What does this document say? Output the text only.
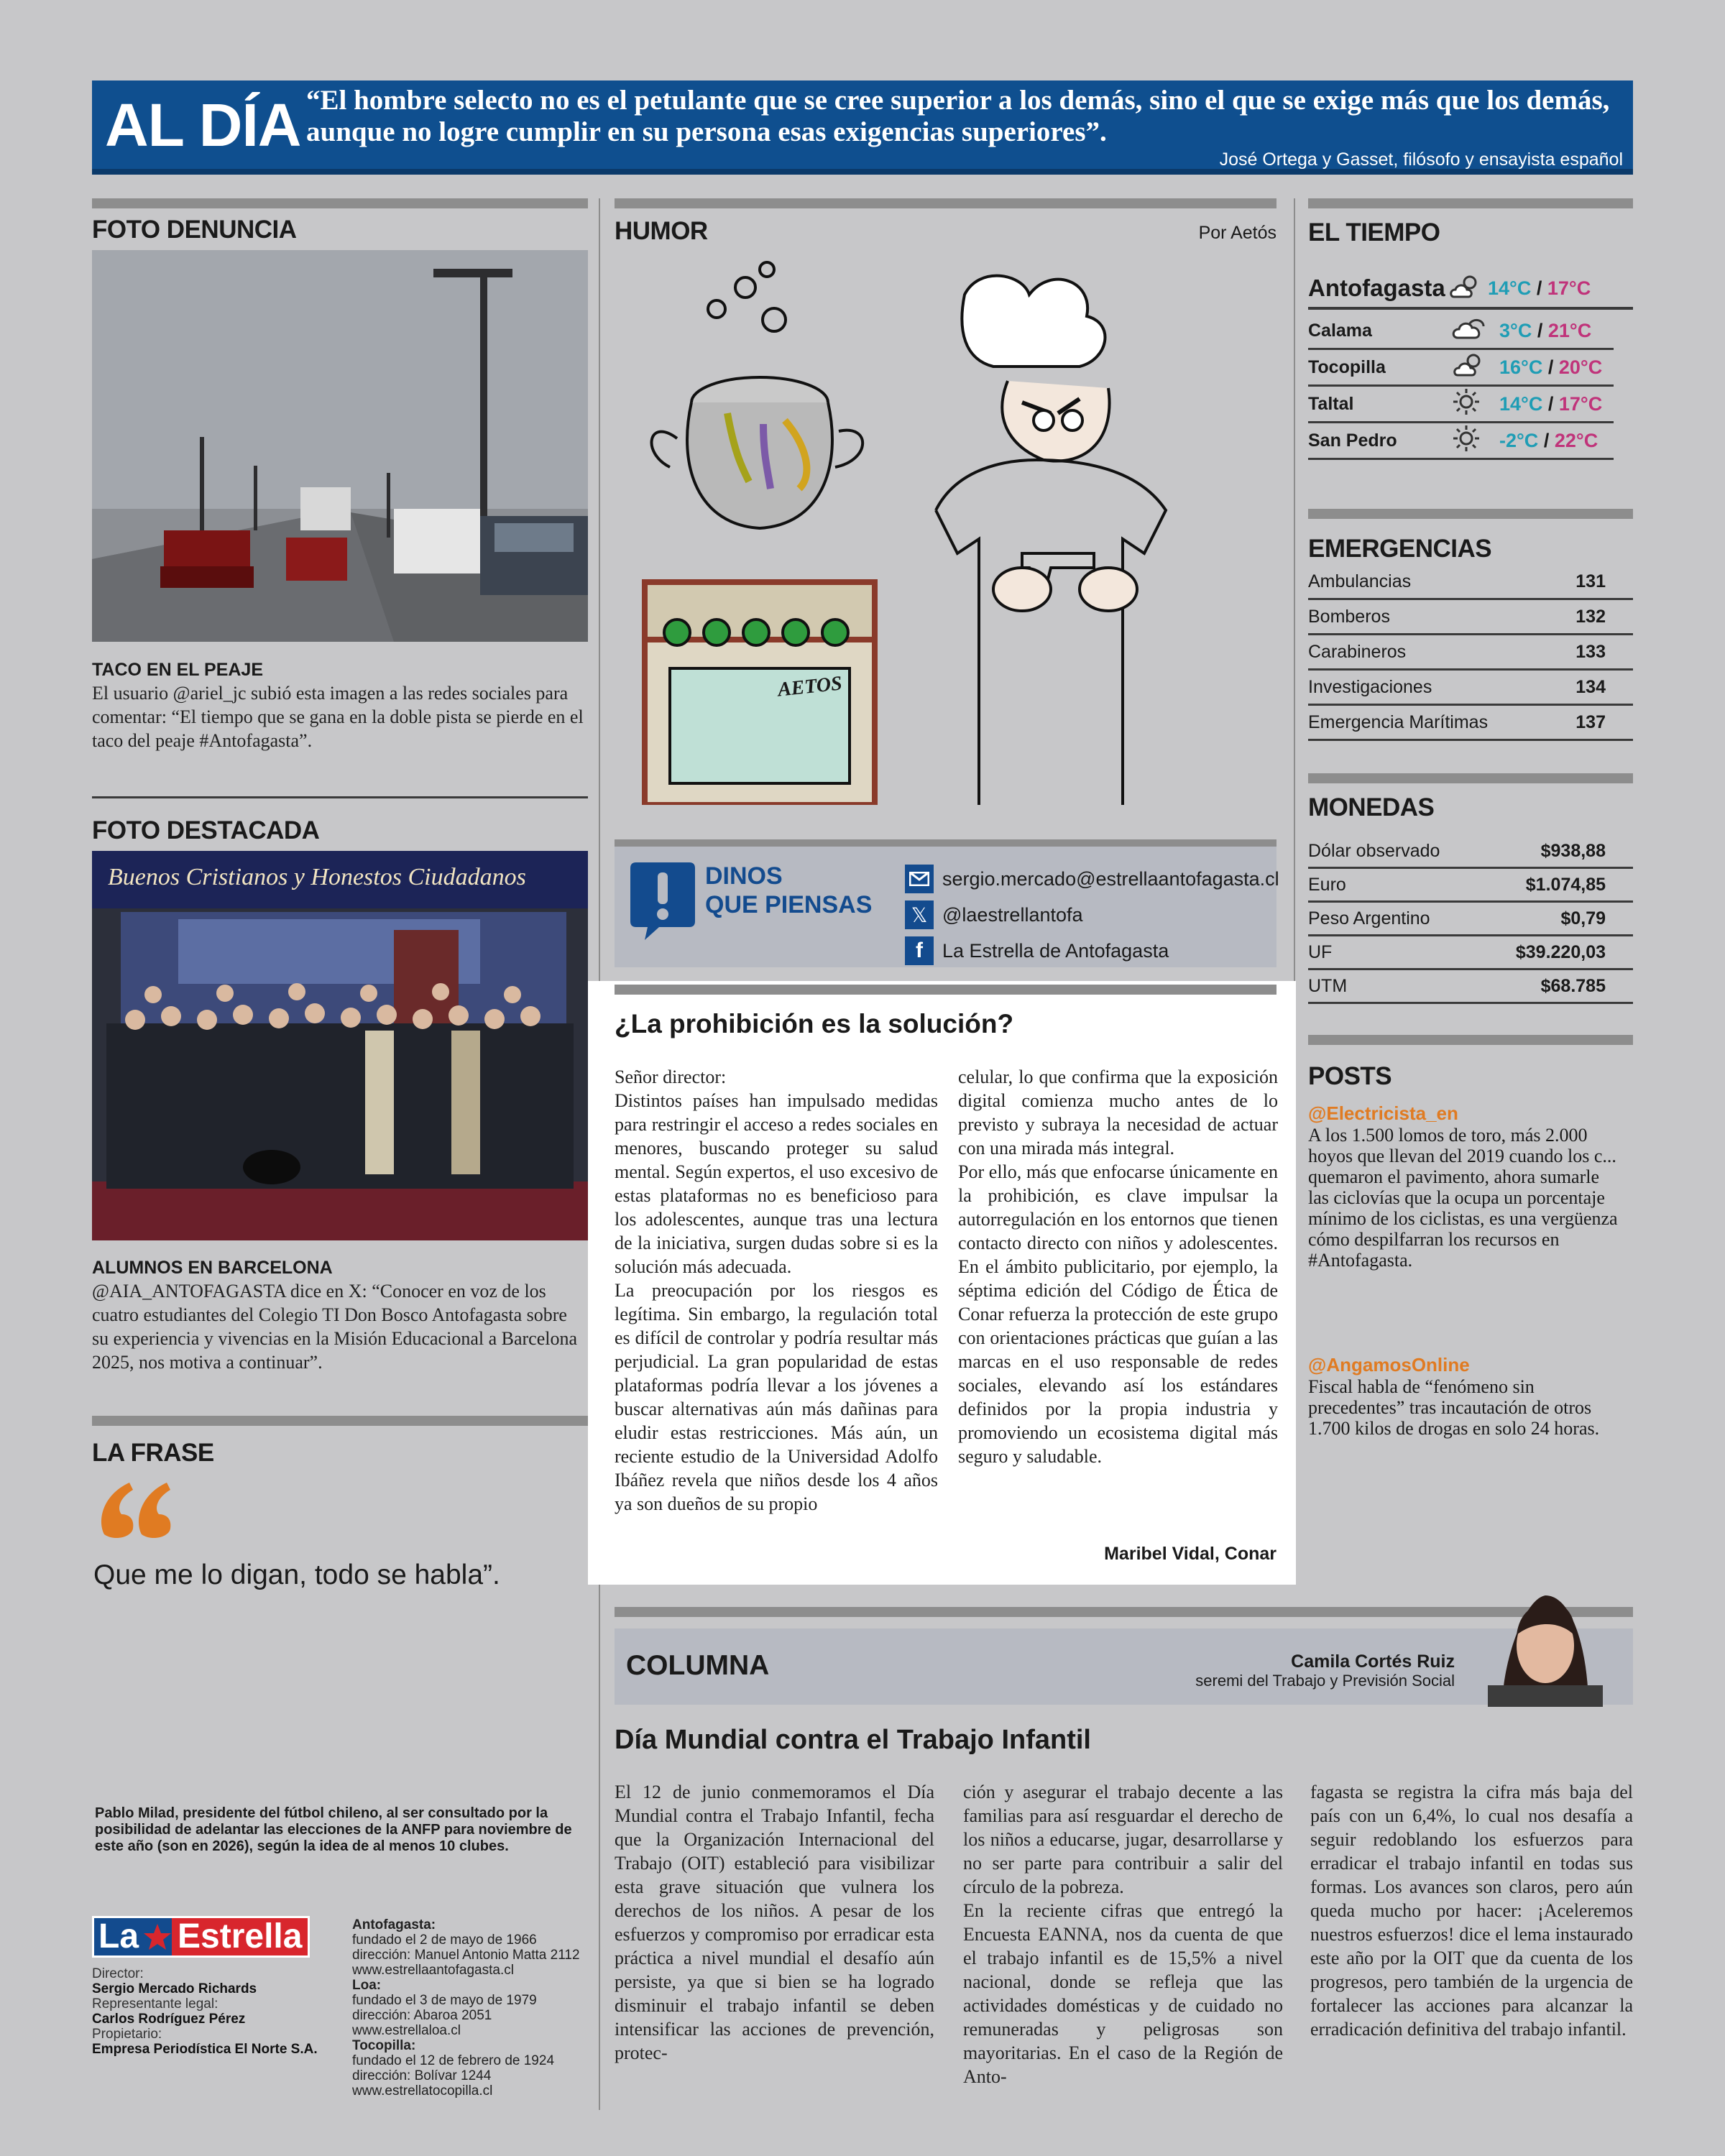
AL DÍA “El hombre selecto no es el petulante que se cree superior a los demás, sino el que se exige más que los demás, aunque no logre cumplir en su persona esas exigencias superiores”.
José Ortega y Gasset, filósofo y ensayista español
FOTO DENUNCIA
TACO EN EL PEAJE
El usuario @ariel_jc subió esta imagen a las redes sociales para comentar: “El tiempo que se gana en la doble pista se pierde en el taco del peaje #Antofagasta”.
FOTO DESTACADA
Buenos Cristianos y Honestos Ciudadanos
ALUMNOS EN BARCELONA
@AIA_ANTOFAGASTA dice en X: “Conocer en voz de los cuatro estudiantes del Colegio TI Don Bosco Antofagasta sobre su experiencia y vivencias en la Misión Educacional a Barcelona 2025, nos motiva a continuar”.
LA FRASE
Que me lo digan, todo se habla”.
Pablo Milad, presidente del fútbol chileno, al ser consultado por la posibilidad de adelantar las elecciones de la ANFP para noviembre de este año (son en 2026), según la idea de al menos 10 clubes.
La Estrella
Director:
Sergio Mercado Richards
Representante legal:
Carlos Rodríguez Pérez
Propietario:
Empresa Periodística El Norte S.A.
Antofagasta:
fundado el 2 de mayo de 1966
dirección: Manuel Antonio Matta 2112
www.estrellaantofagasta.cl
Loa:
fundado el 3 de mayo de 1979
dirección: Abaroa 2051
www.estrellaloa.cl
Tocopilla:
fundado el 12 de febrero de 1924
dirección: Bolívar 1244
www.estrellatocopilla.cl
HUMOR	Por Aetós
AETOS
DINOS
QUE PIENSAS
sergio.mercado@estrellaantofagasta.cl
𝕏 @laestrellantofa
f	La Estrella de Antofagasta
¿La prohibición es la solución?
Señor director:
Distintos países han impulsado medidas para restringir el acceso a redes sociales en menores, buscando proteger su salud mental. Según expertos, el uso excesivo de estas plataformas no es beneficioso para los adolescentes, aunque tras una lectura de la iniciativa, surgen dudas sobre si es la solución más adecuada.
La preocupación por los riesgos es legítima. Sin embargo, la regulación total es difícil de controlar y podría resultar más perjudicial. La gran popularidad de estas plataformas podría llevar a los jóvenes a buscar alternativas aún más dañinas para eludir estas restricciones. Más aún, un reciente estudio de la Universidad Adolfo Ibáñez revela que niños desde los 4 años ya son dueños de su propio
celular, lo que confirma que la exposición digital comienza mucho antes de lo previsto y subraya la necesidad de actuar con una mirada más integral.
Por ello, más que enfocarse únicamente en la prohibición, es clave impulsar la autorregulación en los entornos que tienen contacto directo con niños y adolescentes. En el ámbito publicitario, por ejemplo, la séptima edición del Código de Ética de Conar refuerza la protección de este grupo con orientaciones prácticas que guían a las marcas en el uso responsable de redes sociales, elevando así los estándares definidos por la propia industria y promoviendo un ecosistema digital más seguro y saludable.
Maribel Vidal, Conar
COLUMNA	Camila Cortés Ruiz
seremi del Trabajo y Previsión Social
Día Mundial contra el Trabajo Infantil
El 12 de junio conmemoramos el Día Mundial contra el Trabajo Infantil, fecha que la Organización Internacional del Trabajo (OIT) estableció para visibilizar esta grave situación que vulnera los derechos de los niños. A pesar de los esfuerzos y compromiso por erradicar esta práctica a nivel mundial el desafío aún persiste, ya que si bien se ha logrado disminuir el trabajo infantil se deben intensificar las acciones de prevención, protec-
ción y asegurar el trabajo decente a las familias para así resguardar el derecho de los niños a educarse, jugar, desarrollarse y no ser parte para contribuir a salir del círculo de la pobreza.
En la reciente cifras que entregó la Encuesta EANNA, nos da cuenta de que el trabajo infantil es de 15,5% a nivel nacional, donde se refleja que las actividades domésticas y de cuidado no remuneradas y peligrosas son mayoritarias. En el caso de la Región de Anto-
fagasta se registra la cifra más baja del país con un 6,4%, lo cual nos desafía a seguir redoblando los esfuerzos para erradicar el trabajo infantil en todas sus formas. Los avances son claros, pero aún queda mucho por hacer: ¡Aceleremos nuestros esfuerzos! dice el lema instaurado este año por la OIT que da cuenta de los progresos, pero también de la urgencia de fortalecer las acciones para alcanzar la erradicación definitiva del trabajo infantil.
EL TIEMPO
Antofagasta 14°C / 17°C
Calama	3°C / 21°C
Tocopilla	16°C / 20°C
Taltal	14°C / 17°C
San Pedro	-2°C / 22°C
EMERGENCIAS
Ambulancias	131
Bomberos	132
Carabineros	133
Investigaciones	134
Emergencia Marítimas	137
MONEDAS
Dólar observado	$938,88
Euro	$1.074,85
Peso Argentino	$0,79
UF	$39.220,03
UTM	$68.785
POSTS
@Electricista_en
A los 1.500 lomos de toro, más 2.000 hoyos que llevan del 2019 cuando los c... quemaron el pavimento, ahora sumarle las ciclovías que la ocupa un porcentaje mínimo de los ciclistas, es una vergüenza cómo despilfarran los recursos en #Antofagasta.
@AngamosOnline
Fiscal habla de “fenómeno sin precedentes” tras incautación de otros 1.700 kilos de drogas en solo 24 horas.
